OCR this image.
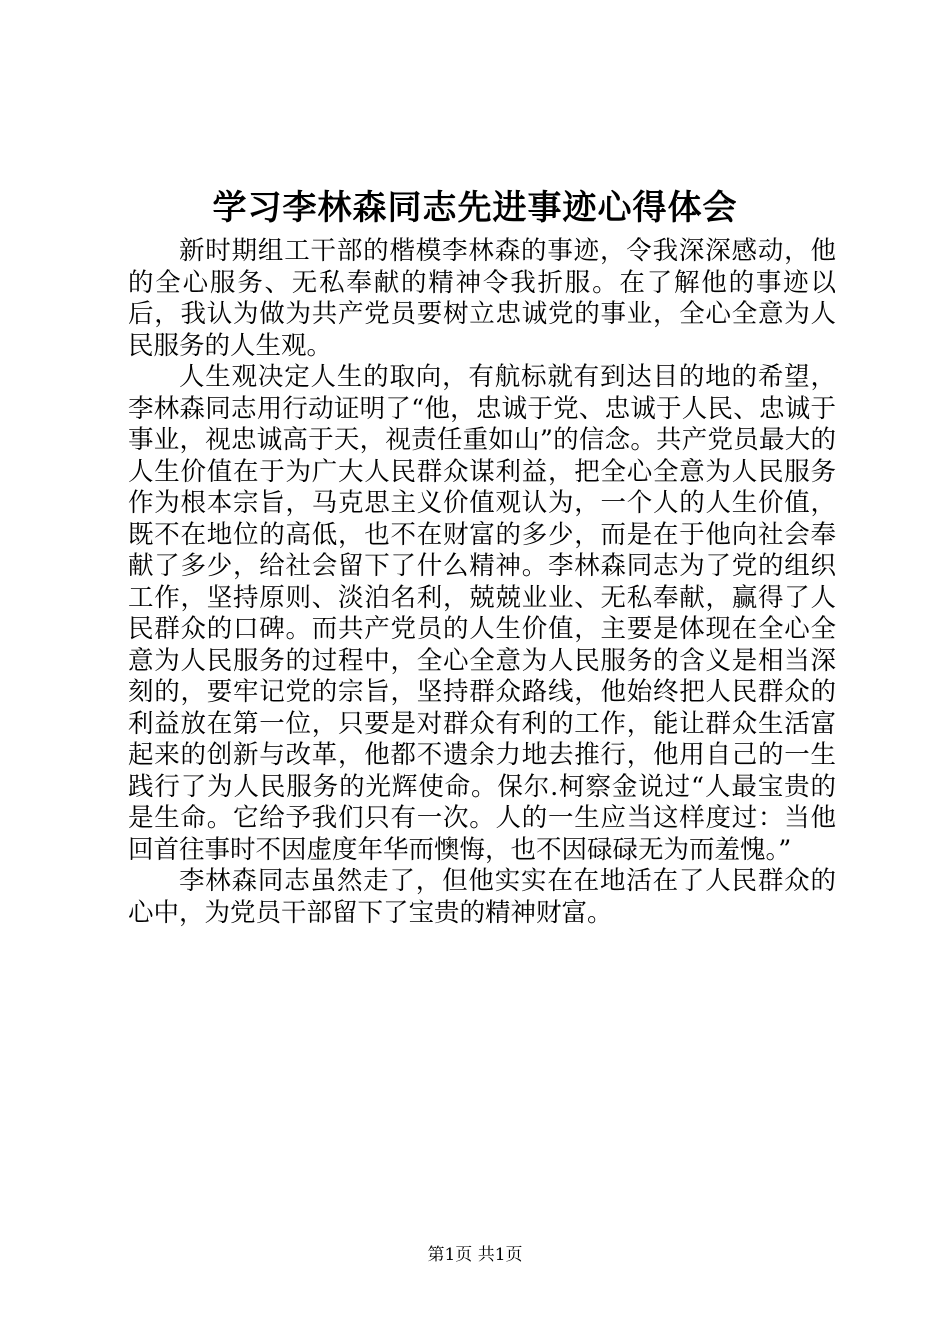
学习李林森同志先进事迹心得体会

新时期组工干部的楷模李林森的事迹，令我深深感动，他的全心服务、无私奉献的精神令我折服。在了解他的事迹以后，我认为做为共产党员要树立忠诚党的事业，全心全意为人民服务的人生观。

人生观决定人生的取向，有航标就有到达目的地的希望，李林森同志用行动证明了“他，忠诚于党、忠诚于人民、忠诚于事业，视忠诚高于天，视责任重如山”的信念。共产党员最大的人生价值在于为广大人民群众谋利益，把全心全意为人民服务作为根本宗旨，马克思主义价值观认为，一个人的人生价值，既不在地位的高低，也不在财富的多少，而是在于他向社会奉献了多少，给社会留下了什么精神。李林森同志为了党的组织工作，坚持原则、淡泊名利，兢兢业业、无私奉献，赢得了人民群众的口碑。而共产党员的人生价值，主要是体现在全心全意为人民服务的过程中，全心全意为人民服务的含义是相当深刻的，要牢记党的宗旨，坚持群众路线，他始终把人民群众的利益放在第一位，只要是对群众有利的工作，能让群众生活富起来的创新与改革，他都不遗余力地去推行，他用自己的一生践行了为人民服务的光辉使命。保尔.柯察金说过“人最宝贵的是生命。它给予我们只有一次。人的一生应当这样度过：当他回首往事时不因虚度年华而懊悔，也不因碌碌无为而羞愧。”

李林森同志虽然走了，但他实实在在地活在了人民群众的心中，为党员干部留下了宝贵的精神财富。

第1页 共1页
